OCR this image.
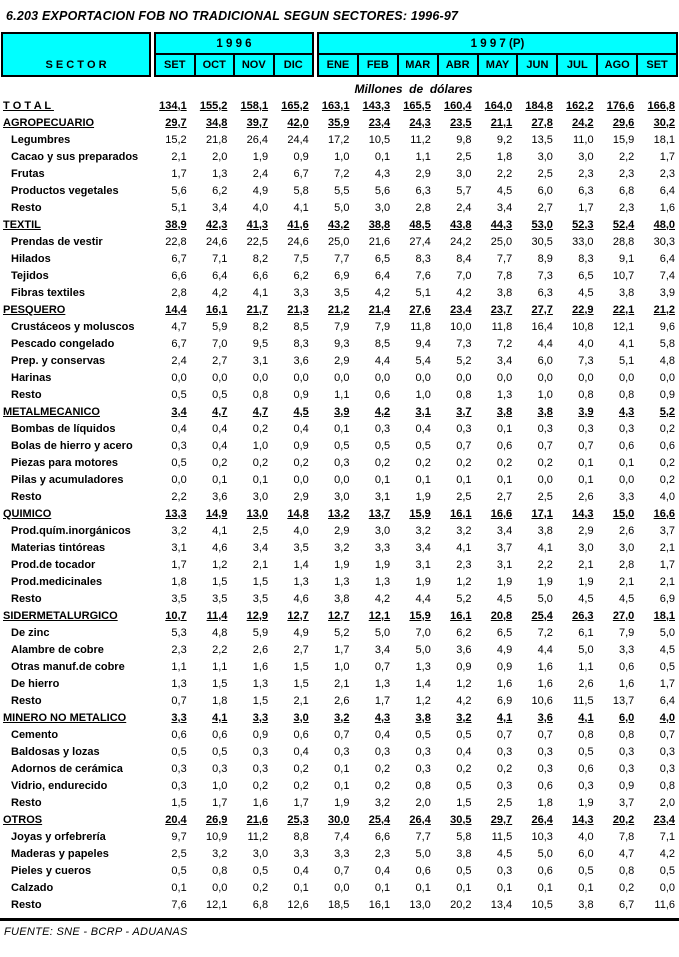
6.203 EXPORTACION FOB NO TRADICIONAL SEGUN SECTORES: 1996-97
S E C T O R
1 9 9 6
SET	OCT	NOV	DIC
1 9 9 7 (P)
ENE	FEB	MAR	ABR	MAY	JUN	JUL	AGO	SET
Millones  de  dólares
T O T A L	134,1	155,2	158,1	165,2	163,1	143,3	165,5	160,4	164,0	184,8	162,2	176,6	166,8
AGROPECUARIO	29,7	34,8	39,7	42,0	35,9	23,4	24,3	23,5	21,1	27,8	24,2	29,6	30,2
Legumbres	15,2	21,8	26,4	24,4	17,2	10,5	11,2	9,8	9,2	13,5	11,0	15,9	18,1
Cacao y sus preparados	2,1	2,0	1,9	0,9	1,0	0,1	1,1	2,5	1,8	3,0	3,0	2,2	1,7
Frutas	1,7	1,3	2,4	6,7	7,2	4,3	2,9	3,0	2,2	2,5	2,3	2,3	2,3
Productos vegetales	5,6	6,2	4,9	5,8	5,5	5,6	6,3	5,7	4,5	6,0	6,3	6,8	6,4
Resto	5,1	3,4	4,0	4,1	5,0	3,0	2,8	2,4	3,4	2,7	1,7	2,3	1,6
TEXTIL	38,9	42,3	41,3	41,6	43,2	38,8	48,5	43,8	44,3	53,0	52,3	52,4	48,0
Prendas de vestir	22,8	24,6	22,5	24,6	25,0	21,6	27,4	24,2	25,0	30,5	33,0	28,8	30,3
Hilados	6,7	7,1	8,2	7,5	7,7	6,5	8,3	8,4	7,7	8,9	8,3	9,1	6,4
Tejidos	6,6	6,4	6,6	6,2	6,9	6,4	7,6	7,0	7,8	7,3	6,5	10,7	7,4
Fibras textiles	2,8	4,2	4,1	3,3	3,5	4,2	5,1	4,2	3,8	6,3	4,5	3,8	3,9
PESQUERO	14,4	16,1	21,7	21,3	21,2	21,4	27,6	23,4	23,7	27,7	22,9	22,1	21,2
Crustáceos y moluscos	4,7	5,9	8,2	8,5	7,9	7,9	11,8	10,0	11,8	16,4	10,8	12,1	9,6
Pescado congelado	6,7	7,0	9,5	8,3	9,3	8,5	9,4	7,3	7,2	4,4	4,0	4,1	5,8
Prep. y conservas	2,4	2,7	3,1	3,6	2,9	4,4	5,4	5,2	3,4	6,0	7,3	5,1	4,8
Harinas	0,0	0,0	0,0	0,0	0,0	0,0	0,0	0,0	0,0	0,0	0,0	0,0	0,0
Resto	0,5	0,5	0,8	0,9	1,1	0,6	1,0	0,8	1,3	1,0	0,8	0,8	0,9
METALMECANICO	3,4	4,7	4,7	4,5	3,9	4,2	3,1	3,7	3,8	3,8	3,9	4,3	5,2
Bombas de líquidos	0,4	0,4	0,2	0,4	0,1	0,3	0,4	0,3	0,1	0,3	0,3	0,3	0,2
Bolas de hierro y acero	0,3	0,4	1,0	0,9	0,5	0,5	0,5	0,7	0,6	0,7	0,7	0,6	0,6
Piezas para motores	0,5	0,2	0,2	0,2	0,3	0,2	0,2	0,2	0,2	0,2	0,1	0,1	0,2
Pilas y acumuladores	0,0	0,1	0,1	0,0	0,0	0,1	0,1	0,1	0,1	0,0	0,1	0,0	0,2
Resto	2,2	3,6	3,0	2,9	3,0	3,1	1,9	2,5	2,7	2,5	2,6	3,3	4,0
QUIMICO	13,3	14,9	13,0	14,8	13,2	13,7	15,9	16,1	16,6	17,1	14,3	15,0	16,6
Prod.quím.inorgánicos	3,2	4,1	2,5	4,0	2,9	3,0	3,2	3,2	3,4	3,8	2,9	2,6	3,7
Materias tintóreas	3,1	4,6	3,4	3,5	3,2	3,3	3,4	4,1	3,7	4,1	3,0	3,0	2,1
Prod.de tocador	1,7	1,2	2,1	1,4	1,9	1,9	3,1	2,3	3,1	2,2	2,1	2,8	1,7
Prod.medicinales	1,8	1,5	1,5	1,3	1,3	1,3	1,9	1,2	1,9	1,9	1,9	2,1	2,1
Resto	3,5	3,5	3,5	4,6	3,8	4,2	4,4	5,2	4,5	5,0	4,5	4,5	6,9
SIDERMETALURGICO	10,7	11,4	12,9	12,7	12,7	12,1	15,9	16,1	20,8	25,4	26,3	27,0	18,1
De zinc	5,3	4,8	5,9	4,9	5,2	5,0	7,0	6,2	6,5	7,2	6,1	7,9	5,0
Alambre de cobre	2,3	2,2	2,6	2,7	1,7	3,4	5,0	3,6	4,9	4,4	5,0	3,3	4,5
Otras manuf.de cobre	1,1	1,1	1,6	1,5	1,0	0,7	1,3	0,9	0,9	1,6	1,1	0,6	0,5
De hierro	1,3	1,5	1,3	1,5	2,1	1,3	1,4	1,2	1,6	1,6	2,6	1,6	1,7
Resto	0,7	1,8	1,5	2,1	2,6	1,7	1,2	4,2	6,9	10,6	11,5	13,7	6,4
MINERO NO METALICO	3,3	4,1	3,3	3,0	3,2	4,3	3,8	3,2	4,1	3,6	4,1	6,0	4,0
Cemento	0,6	0,6	0,9	0,6	0,7	0,4	0,5	0,5	0,7	0,7	0,8	0,8	0,7
Baldosas y lozas	0,5	0,5	0,3	0,4	0,3	0,3	0,3	0,4	0,3	0,3	0,5	0,3	0,3
Adornos de cerámica	0,3	0,3	0,3	0,2	0,1	0,2	0,3	0,2	0,2	0,3	0,6	0,3	0,3
Vidrio, endurecido	0,3	1,0	0,2	0,2	0,1	0,2	0,8	0,5	0,3	0,6	0,3	0,9	0,8
Resto	1,5	1,7	1,6	1,7	1,9	3,2	2,0	1,5	2,5	1,8	1,9	3,7	2,0
OTROS	20,4	26,9	21,6	25,3	30,0	25,4	26,4	30,5	29,7	26,4	14,3	20,2	23,4
Joyas y orfebrería	9,7	10,9	11,2	8,8	7,4	6,6	7,7	5,8	11,5	10,3	4,0	7,8	7,1
Maderas y papeles	2,5	3,2	3,0	3,3	3,3	2,3	5,0	3,8	4,5	5,0	6,0	4,7	4,2
Pieles y cueros	0,5	0,8	0,5	0,4	0,7	0,4	0,6	0,5	0,3	0,6	0,5	0,8	0,5
Calzado	0,1	0,0	0,2	0,1	0,0	0,1	0,1	0,1	0,1	0,1	0,1	0,2	0,0
Resto	7,6	12,1	6,8	12,6	18,5	16,1	13,0	20,2	13,4	10,5	3,8	6,7	11,6
FUENTE: SNE - BCRP - ADUANAS
